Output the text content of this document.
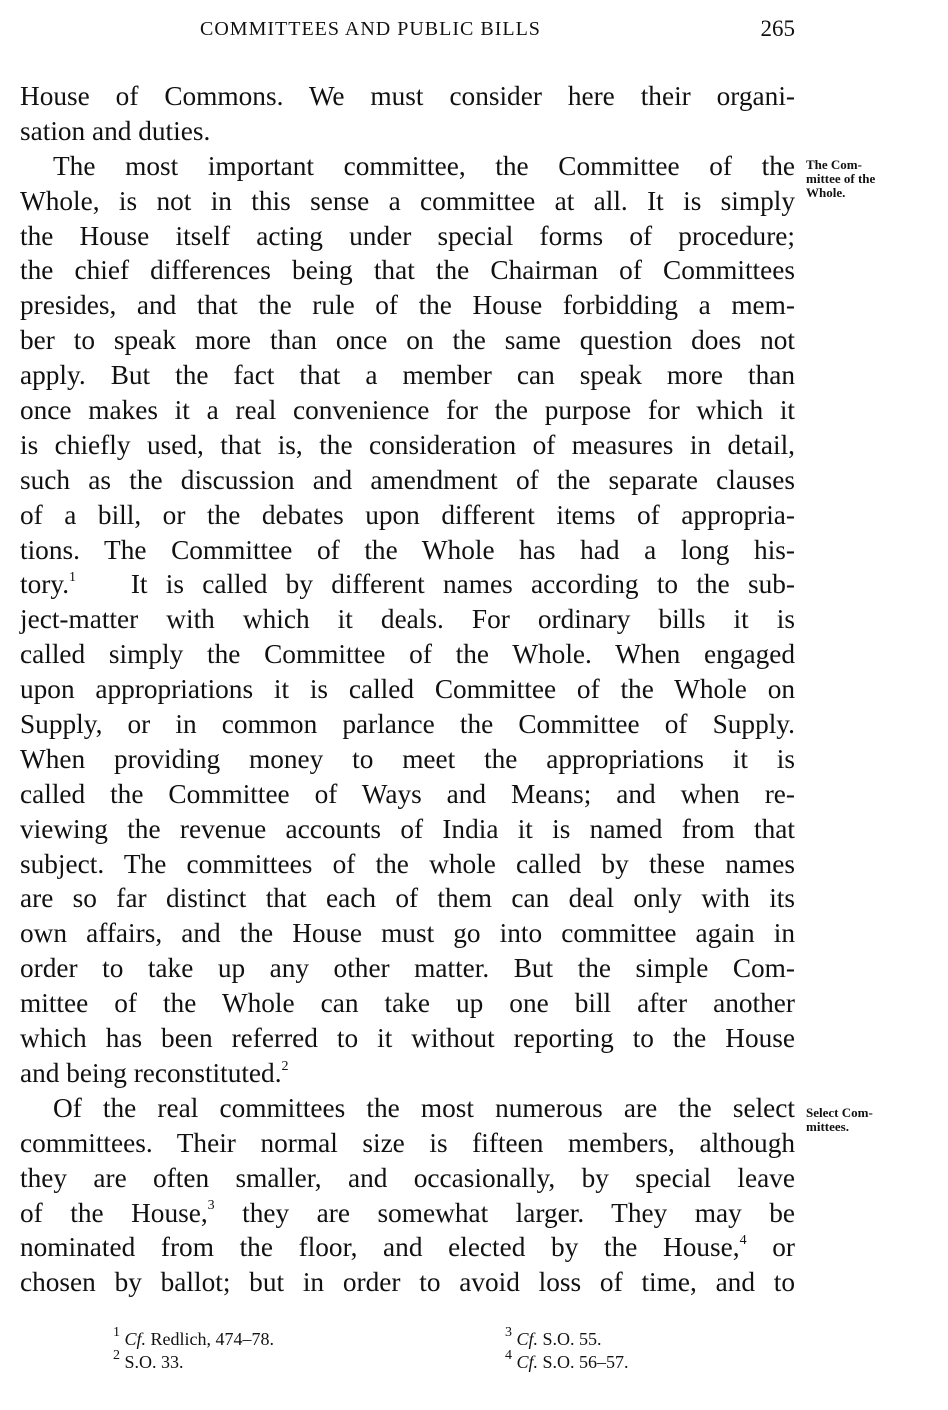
COMMITTEES AND PUBLIC BILLS	265
House of Commons. We must consider here their organi-
sation and duties.
The most important committee, the Committee of the
Whole, is not in this sense a committee at all. It is simply
the House itself acting under special forms of procedure;
the chief differences being that the Chairman of Committees
presides, and that the rule of the House forbidding a mem-
ber to speak more than once on the same question does not
apply. But the fact that a member can speak more than
once makes it a real convenience for the purpose for which it
is chiefly used, that is, the consideration of measures in detail,
such as the discussion and amendment of the separate clauses
of a bill, or the debates upon different items of appropria-
tions. The Committee of the Whole has had a long his-
tory.$^1$ It is called by different names according to the sub-
ject-matter with which it deals. For ordinary bills it is
called simply the Committee of the Whole. When engaged
upon appropriations it is called Committee of the Whole on
Supply, or in common parlance the Committee of Supply.
When providing money to meet the appropriations it is
called the Committee of Ways and Means; and when re-
viewing the revenue accounts of India it is named from that
subject. The committees of the whole called by these names
are so far distinct that each of them can deal only with its
own affairs, and the House must go into committee again in
order to take up any other matter. But the simple Com-
mittee of the Whole can take up one bill after another
which has been referred to it without reporting to the House
and being reconstituted.$^2$
Of the real committees the most numerous are the select
committees. Their normal size is fifteen members, although
they are often smaller, and occasionally, by special leave
of the House,$^3$ they are somewhat larger. They may be
nominated from the floor, and elected by the House,$^4$ or
chosen by ballot; but in order to avoid loss of time, and to
The Com-
mittee of the
Whole.
Select Com-
mittees.
$^1$ Cf. Redlich, 474–78.
$^2$ S.O. 33.
$^3$ Cf. S.O. 55.
$^4$ Cf. S.O. 56–57.
